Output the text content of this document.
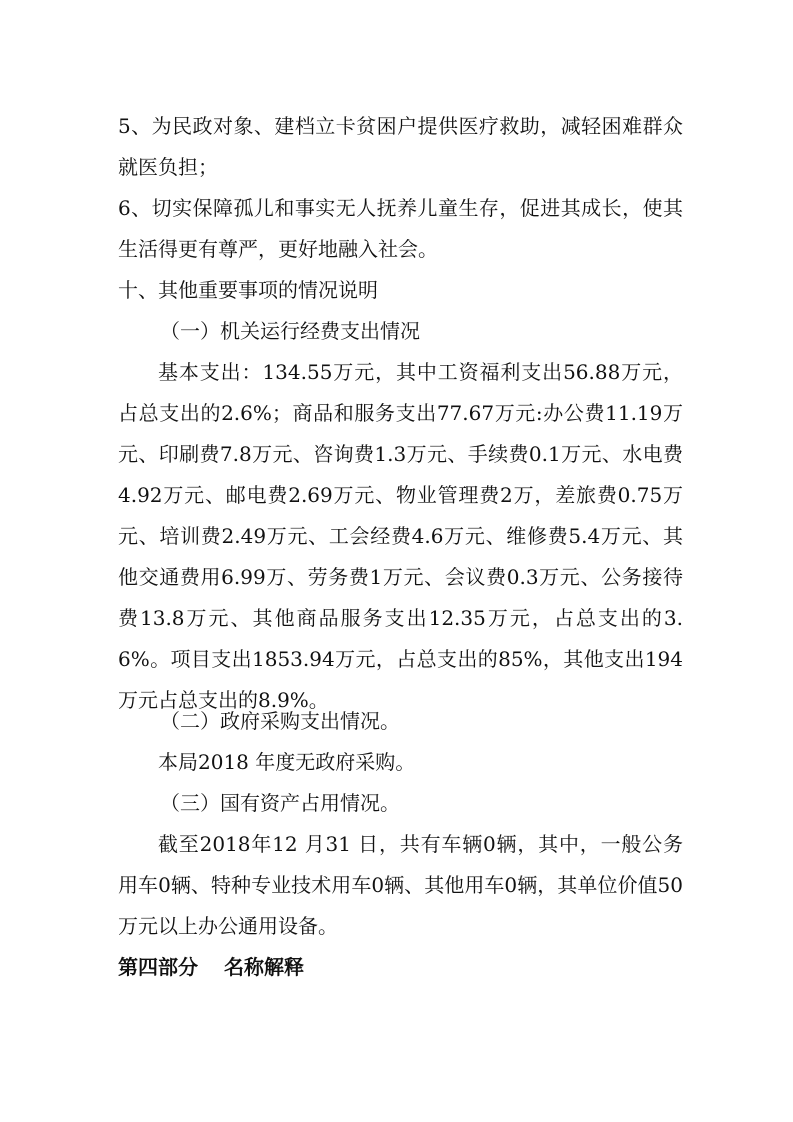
5、为民政对象、建档立卡贫困户提供医疗救助，减轻困难群众就医负担；

6、切实保障孤儿和事实无人抚养儿童生存，促进其成长，使其生活得更有尊严，更好地融入社会。

十、其他重要事项的情况说明

（一）机关运行经费支出情况

基本支出：134.55万元，其中工资福利支出56.88万元，占总支出的2.6%；商品和服务支出77.67万元:办公费11.19万元、印刷费7.8万元、咨询费1.3万元、手续费0.1万元、水电费4.92万元、邮电费2.69万元、物业管理费2万，差旅费0.75万元、培训费2.49万元、工会经费4.6万元、维修费5.4万元、其他交通费用6.99万、劳务费1万元、会议费0.3万元、公务接待费13.8万元、其他商品服务支出12.35万元，占总支出的3.6%。项目支出1853.94万元，占总支出的85%，其他支出194万元占总支出的8.9%。

（二）政府采购支出情况。

本局2018 年度无政府采购。

（三）国有资产占用情况。

截至2018年12 月31 日，共有车辆0辆，其中，一般公务用车0辆、特种专业技术用车0辆、其他用车0辆，其单位价值50 万元以上办公通用设备。

第四部分 名称解释
